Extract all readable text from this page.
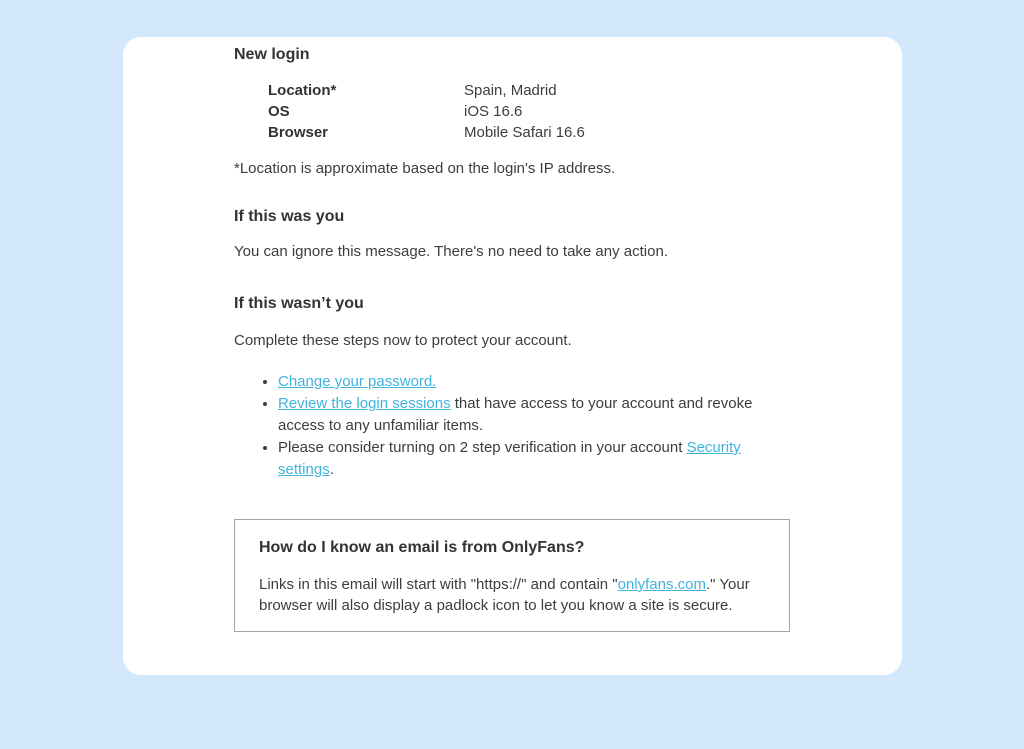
New login
Location*	Spain, Madrid
OS	iOS 16.6
Browser	Mobile Safari 16.6

*Location is approximate based on the login's IP address.

If this was you

You can ignore this message. There's no need to take any action.

If this wasn’t you

Complete these steps now to protect your account.

• Change your password.
• Review the login sessions that have access to your account and revoke access to any unfamiliar items.
• Please consider turning on 2 step verification in your account Security settings.
How do I know an email is from OnlyFans?

Links in this email will start with "https://" and contain "onlyfans.com." Your browser will also display a padlock icon to let you know a site is secure.
